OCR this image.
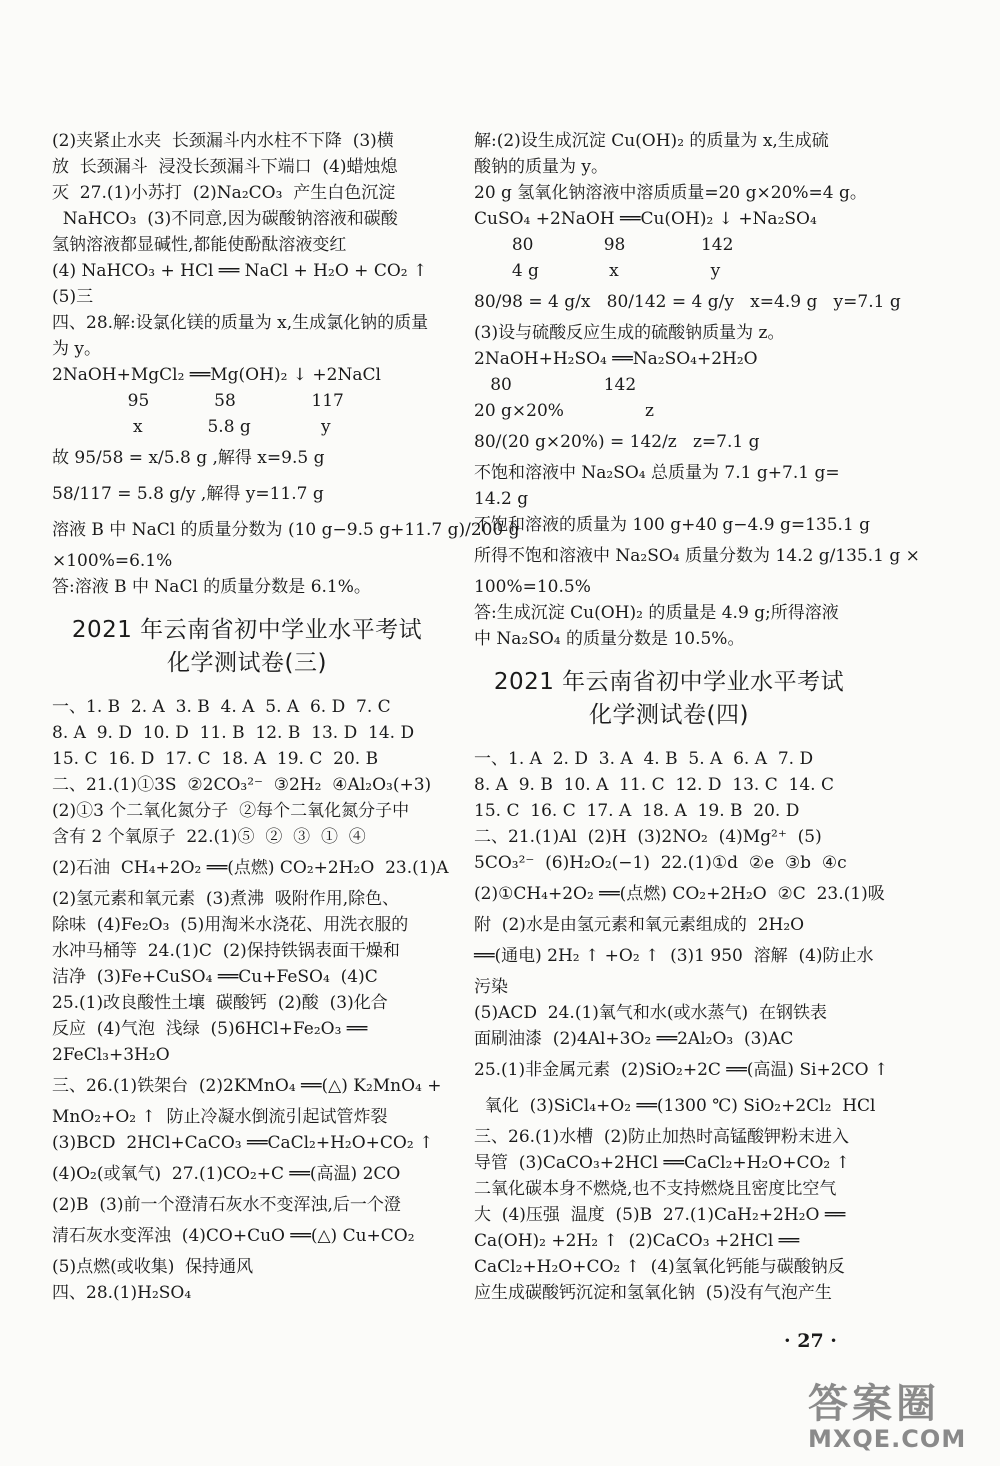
(2)夹紧止水夹  长颈漏斗内水柱不下降  (3)横
放  长颈漏斗  浸没长颈漏斗下端口  (4)蜡烛熄
灭  27.(1)小苏打  (2)Na₂CO₃  产生白色沉淀
NaHCO₃  (3)不同意,因为碳酸钠溶液和碳酸
氢钠溶液都显碱性,都能使酚酞溶液变红
(4) NaHCO₃ + HCl ══ NaCl + H₂O + CO₂ ↑
(5)三
四、28.解:设氯化镁的质量为 x,生成氯化钠的质量
为 y。
2NaOH+MgCl₂ ══Mg(OH)₂ ↓ +2NaCl
95            58              117
x            5.8 g             y
故 95/58 = x/5.8 g ,解得 x=9.5 g
58/117 = 5.8 g/y ,解得 y=11.7 g
溶液 B 中 NaCl 的质量分数为 (10 g−9.5 g+11.7 g)/200 g
×100%=6.1%
答:溶液 B 中 NaCl 的质量分数是 6.1%。
2021 年云南省初中学业水平考试
化学测试卷(三)
一、1. B  2. A  3. B  4. A  5. A  6. D  7. C
8. A  9. D  10. D  11. B  12. B  13. D  14. D
15. C  16. D  17. C  18. A  19. C  20. B
二、21.(1)①3S  ②2CO₃²⁻  ③2H₂  ④Al₂O₃(+3)
(2)①3 个二氧化氮分子  ②每个二氧化氮分子中
含有 2 个氧原子  22.(1)⑤  ②  ③  ①  ④
(2)石油  CH₄+2O₂ ══(点燃) CO₂+2H₂O  23.(1)A
(2)氢元素和氧元素  (3)煮沸  吸附作用,除色、
除味  (4)Fe₂O₃  (5)用淘米水浇花、用洗衣服的
水冲马桶等  24.(1)C  (2)保持铁锅表面干燥和
洁净  (3)Fe+CuSO₄ ══Cu+FeSO₄  (4)C
25.(1)改良酸性土壤  碳酸钙  (2)酸  (3)化合
反应  (4)气泡  浅绿  (5)6HCl+Fe₂O₃ ══
2FeCl₃+3H₂O
三、26.(1)铁架台  (2)2KMnO₄ ══(△) K₂MnO₄ +
MnO₂+O₂ ↑  防止冷凝水倒流引起试管炸裂
(3)BCD  2HCl+CaCO₃ ══CaCl₂+H₂O+CO₂ ↑
(4)O₂(或氧气)  27.(1)CO₂+C ══(高温) 2CO
(2)B  (3)前一个澄清石灰水不变浑浊,后一个澄
清石灰水变浑浊  (4)CO+CuO ══(△) Cu+CO₂
(5)点燃(或收集)  保持通风
四、28.(1)H₂SO₄
解:(2)设生成沉淀 Cu(OH)₂ 的质量为 x,生成硫
酸钠的质量为 y。
20 g 氢氧化钠溶液中溶质质量=20 g×20%=4 g。
CuSO₄ +2NaOH ══Cu(OH)₂ ↓ +Na₂SO₄
80             98              142
4 g             x                 y
80/98 = 4 g/x   80/142 = 4 g/y   x=4.9 g   y=7.1 g
(3)设与硫酸反应生成的硫酸钠质量为 z。
2NaOH+H₂SO₄ ══Na₂SO₄+2H₂O
80                 142
20 g×20%               z
80/(20 g×20%) = 142/z   z=7.1 g
不饱和溶液中 Na₂SO₄ 总质量为 7.1 g+7.1 g=
14.2 g
不饱和溶液的质量为 100 g+40 g−4.9 g=135.1 g
所得不饱和溶液中 Na₂SO₄ 质量分数为 14.2 g/135.1 g ×
100%=10.5%
答:生成沉淀 Cu(OH)₂ 的质量是 4.9 g;所得溶液
中 Na₂SO₄ 的质量分数是 10.5%。
2021 年云南省初中学业水平考试
化学测试卷(四)
一、1. A  2. D  3. A  4. B  5. A  6. A  7. D
8. A  9. B  10. A  11. C  12. D  13. C  14. C
15. C  16. C  17. A  18. A  19. B  20. D
二、21.(1)Al  (2)H  (3)2NO₂  (4)Mg²⁺  (5)
5CO₃²⁻  (6)H₂O₂(−1)  22.(1)①d  ②e  ③b  ④c
(2)①CH₄+2O₂ ══(点燃) CO₂+2H₂O  ②C  23.(1)吸
附  (2)水是由氢元素和氧元素组成的  2H₂O
══(通电) 2H₂ ↑ +O₂ ↑  (3)1 950  溶解  (4)防止水
污染
(5)ACD  24.(1)氧气和水(或水蒸气)  在钢铁表
面刷油漆  (2)4Al+3O₂ ══2Al₂O₃  (3)AC
25.(1)非金属元素  (2)SiO₂+2C ══(高温) Si+2CO ↑
氧化  (3)SiCl₄+O₂ ══(1300 ℃) SiO₂+2Cl₂  HCl
三、26.(1)水槽  (2)防止加热时高锰酸钾粉末进入
导管  (3)CaCO₃+2HCl ══CaCl₂+H₂O+CO₂ ↑
二氧化碳本身不燃烧,也不支持燃烧且密度比空气
大  (4)压强  温度  (5)B  27.(1)CaH₂+2H₂O ══
Ca(OH)₂ +2H₂ ↑  (2)CaCO₃ +2HCl ══
CaCl₂+H₂O+CO₂ ↑  (4)氢氧化钙能与碳酸钠反
应生成碳酸钙沉淀和氢氧化钠  (5)没有气泡产生
· 27 ·
答案圈
MXQE.COM
